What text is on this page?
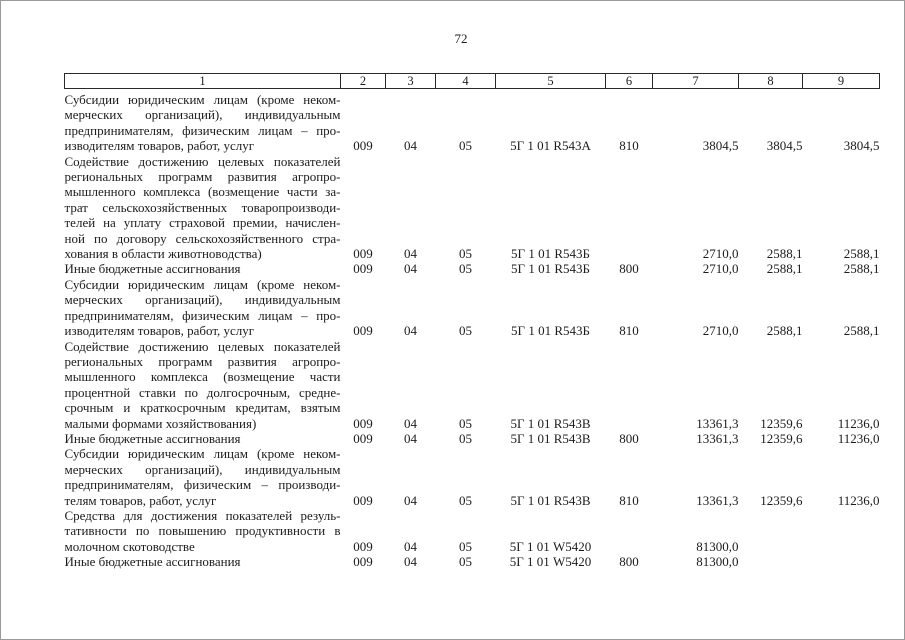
72
1	2	3	4	5	6	7	8	9

Субсидии юридическим лицам (кроме неком-
мерческих организаций), индивидуальным
предпринимателям, физическим лицам – про-
изводителям товаров, работ, услуг	009	04	05	5Г 1 01 R543А	810	3804,5	3804,5	3804,5

Содействие достижению целевых показателей
региональных программ развития агропро-
мышленного комплекса (возмещение части за-
трат сельскохозяйственных товаропроизводи-
телей на уплату страховой премии, начислен-
ной по договору сельскохозяйственного стра-
хования в области животноводства)	009	04	05	5Г 1 01 R543Б		2710,0	2588,1	2588,1

Иные бюджетные ассигнования	009	04	05	5Г 1 01 R543Б	800	2710,0	2588,1	2588,1

Субсидии юридическим лицам (кроме неком-
мерческих организаций), индивидуальным
предпринимателям, физическим лицам – про-
изводителям товаров, работ, услуг	009	04	05	5Г 1 01 R543Б	810	2710,0	2588,1	2588,1

Содействие достижению целевых показателей
региональных программ развития агропро-
мышленного комплекса (возмещение части
процентной ставки по долгосрочным, средне-
срочным и краткосрочным кредитам, взятым
малыми формами хозяйствования)	009	04	05	5Г 1 01 R543В		13361,3	12359,6	11236,0

Иные бюджетные ассигнования	009	04	05	5Г 1 01 R543В	800	13361,3	12359,6	11236,0

Субсидии юридическим лицам (кроме неком-
мерческих организаций), индивидуальным
предпринимателям, физическим – производи-
телям товаров, работ, услуг	009	04	05	5Г 1 01 R543В	810	13361,3	12359,6	11236,0

Средства для достижения показателей резуль-
тативности по повышению продуктивности в
молочном скотоводстве	009	04	05	5Г 1 01 W5420		81300,0		

Иные бюджетные ассигнования	009	04	05	5Г 1 01 W5420	800	81300,0		
